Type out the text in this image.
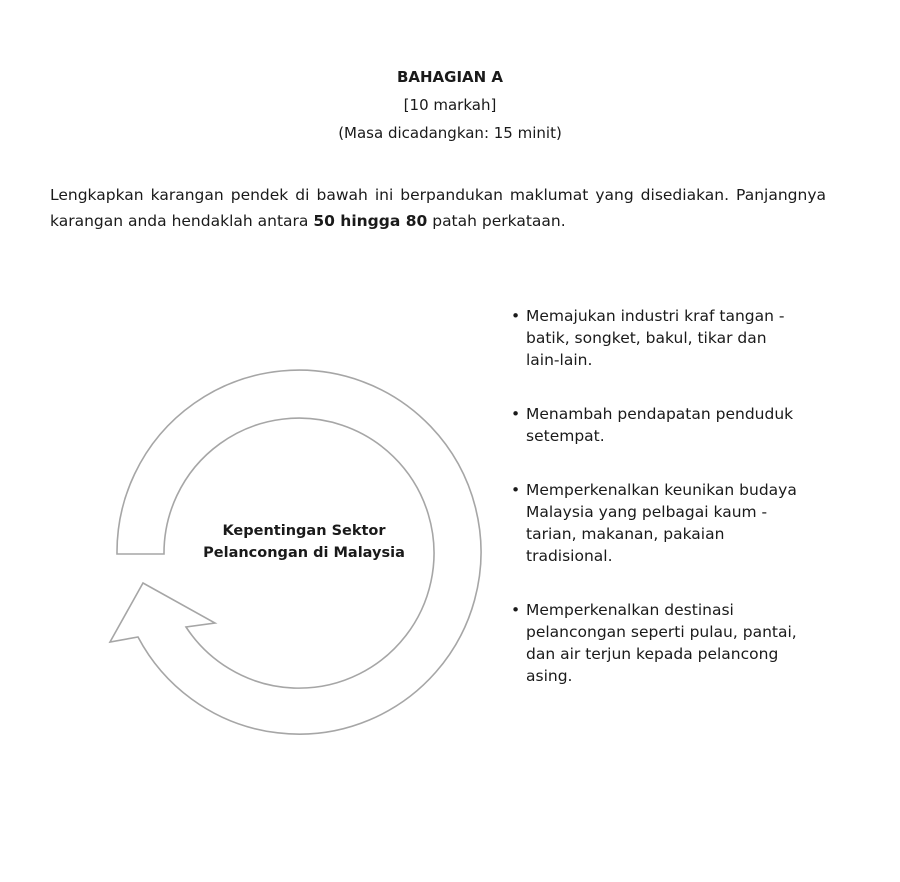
BAHAGIAN A
[10 markah]
(Masa dicadangkan: 15 minit)
Lengkapkan karangan pendek di bawah ini berpandukan maklumat yang disediakan. Panjangnya karangan anda hendaklah antara 50 hingga 80 patah perkataan.
Kepentingan Sektor Pelancongan di Malaysia
• Memajukan industri kraf tangan - batik, songket, bakul, tikar dan lain-lain.
• Menambah pendapatan penduduk setempat.
• Memperkenalkan keunikan budaya Malaysia yang pelbagai kaum - tarian, makanan, pakaian tradisional.
• Memperkenalkan destinasi pelancongan seperti pulau, pantai, dan air terjun kepada pelancong asing.
